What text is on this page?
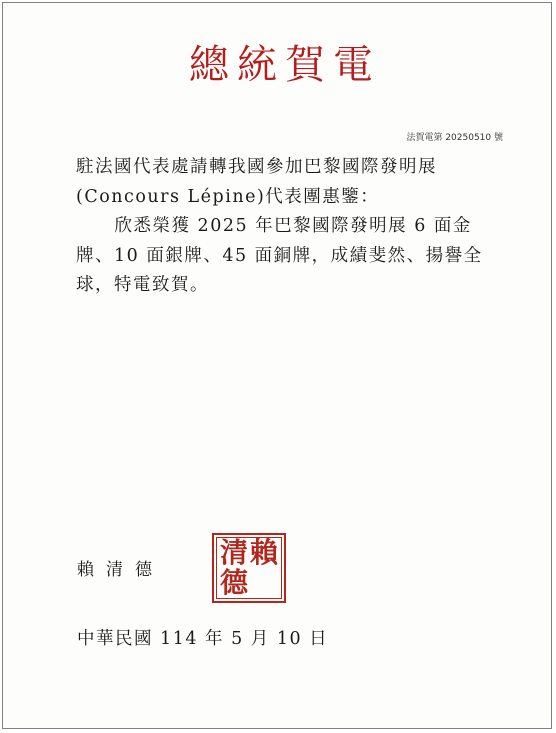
總統賀電
法賀電第 20250510 號

駐法國代表處請轉我國參加巴黎國際發明展(Concours Lépine)代表團惠鑒：

欣悉榮獲 2025 年巴黎國際發明展 6 面金牌、10 面銀牌、45 面銅牌，成績斐然、揚譽全球，特電致賀。

賴清德
賴
清
德
中華民國 114 年 5 月 10 日
